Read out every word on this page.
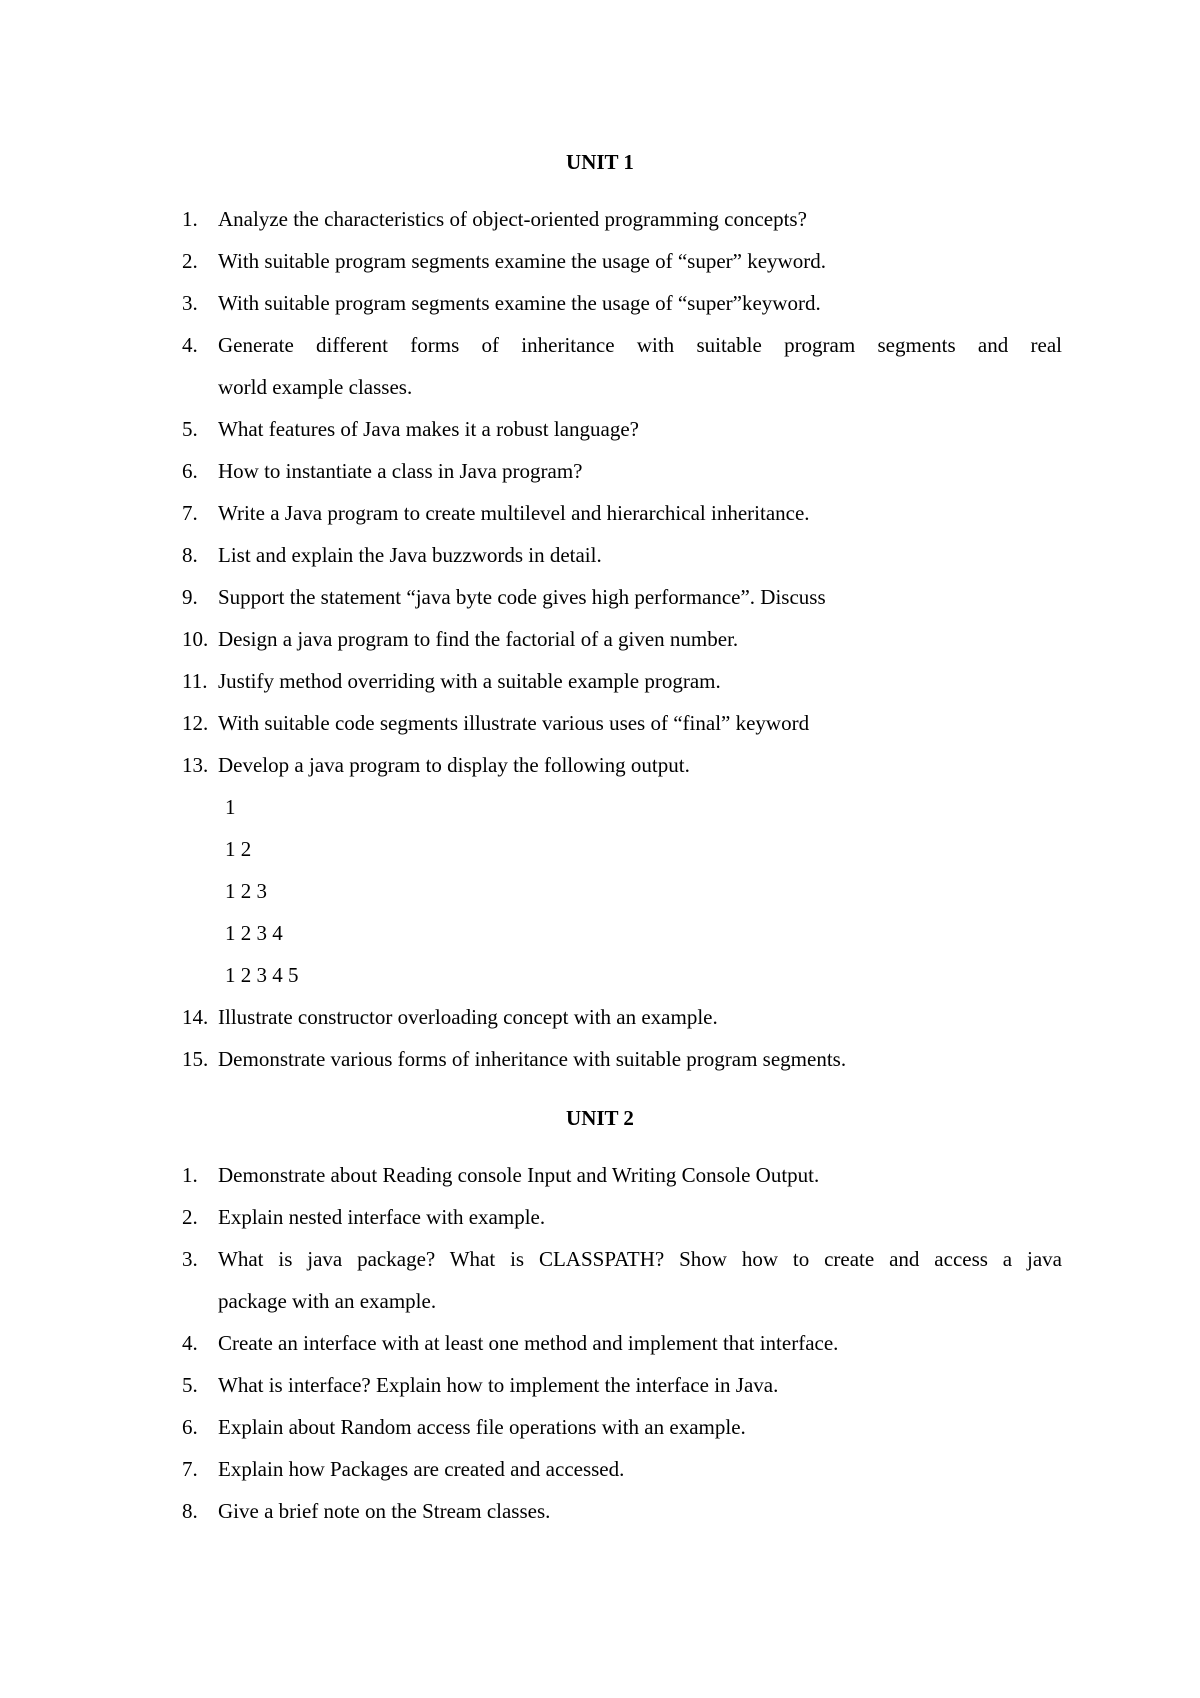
UNIT 1
1. Analyze the characteristics of object-oriented programming concepts?
2. With suitable program segments examine the usage of “super” keyword.
3. With suitable program segments examine the usage of “super”keyword.
4. Generate different forms of inheritance with suitable program segments and real
world example classes.
5. What features of Java makes it a robust language?
6. How to instantiate a class in Java program?
7. Write a Java program to create multilevel and hierarchical inheritance.
8. List and explain the Java buzzwords in detail.
9. Support the statement “java byte code gives high performance”. Discuss
10. Design a java program to find the factorial of a given number.
11. Justify method overriding with a suitable example program.
12. With suitable code segments illustrate various uses of “final” keyword
13. Develop a java program to display the following output.
1
1 2
1 2 3
1 2 3 4
1 2 3 4 5
14. Illustrate constructor overloading concept with an example.
15. Demonstrate various forms of inheritance with suitable program segments.
UNIT 2
1. Demonstrate about Reading console Input and Writing Console Output.
2. Explain nested interface with example.
3. What is java package? What is CLASSPATH? Show how to create and access a java
package with an example.
4. Create an interface with at least one method and implement that interface.
5. What is interface? Explain how to implement the interface in Java.
6. Explain about Random access file operations with an example.
7. Explain how Packages are created and accessed.
8. Give a brief note on the Stream classes.
